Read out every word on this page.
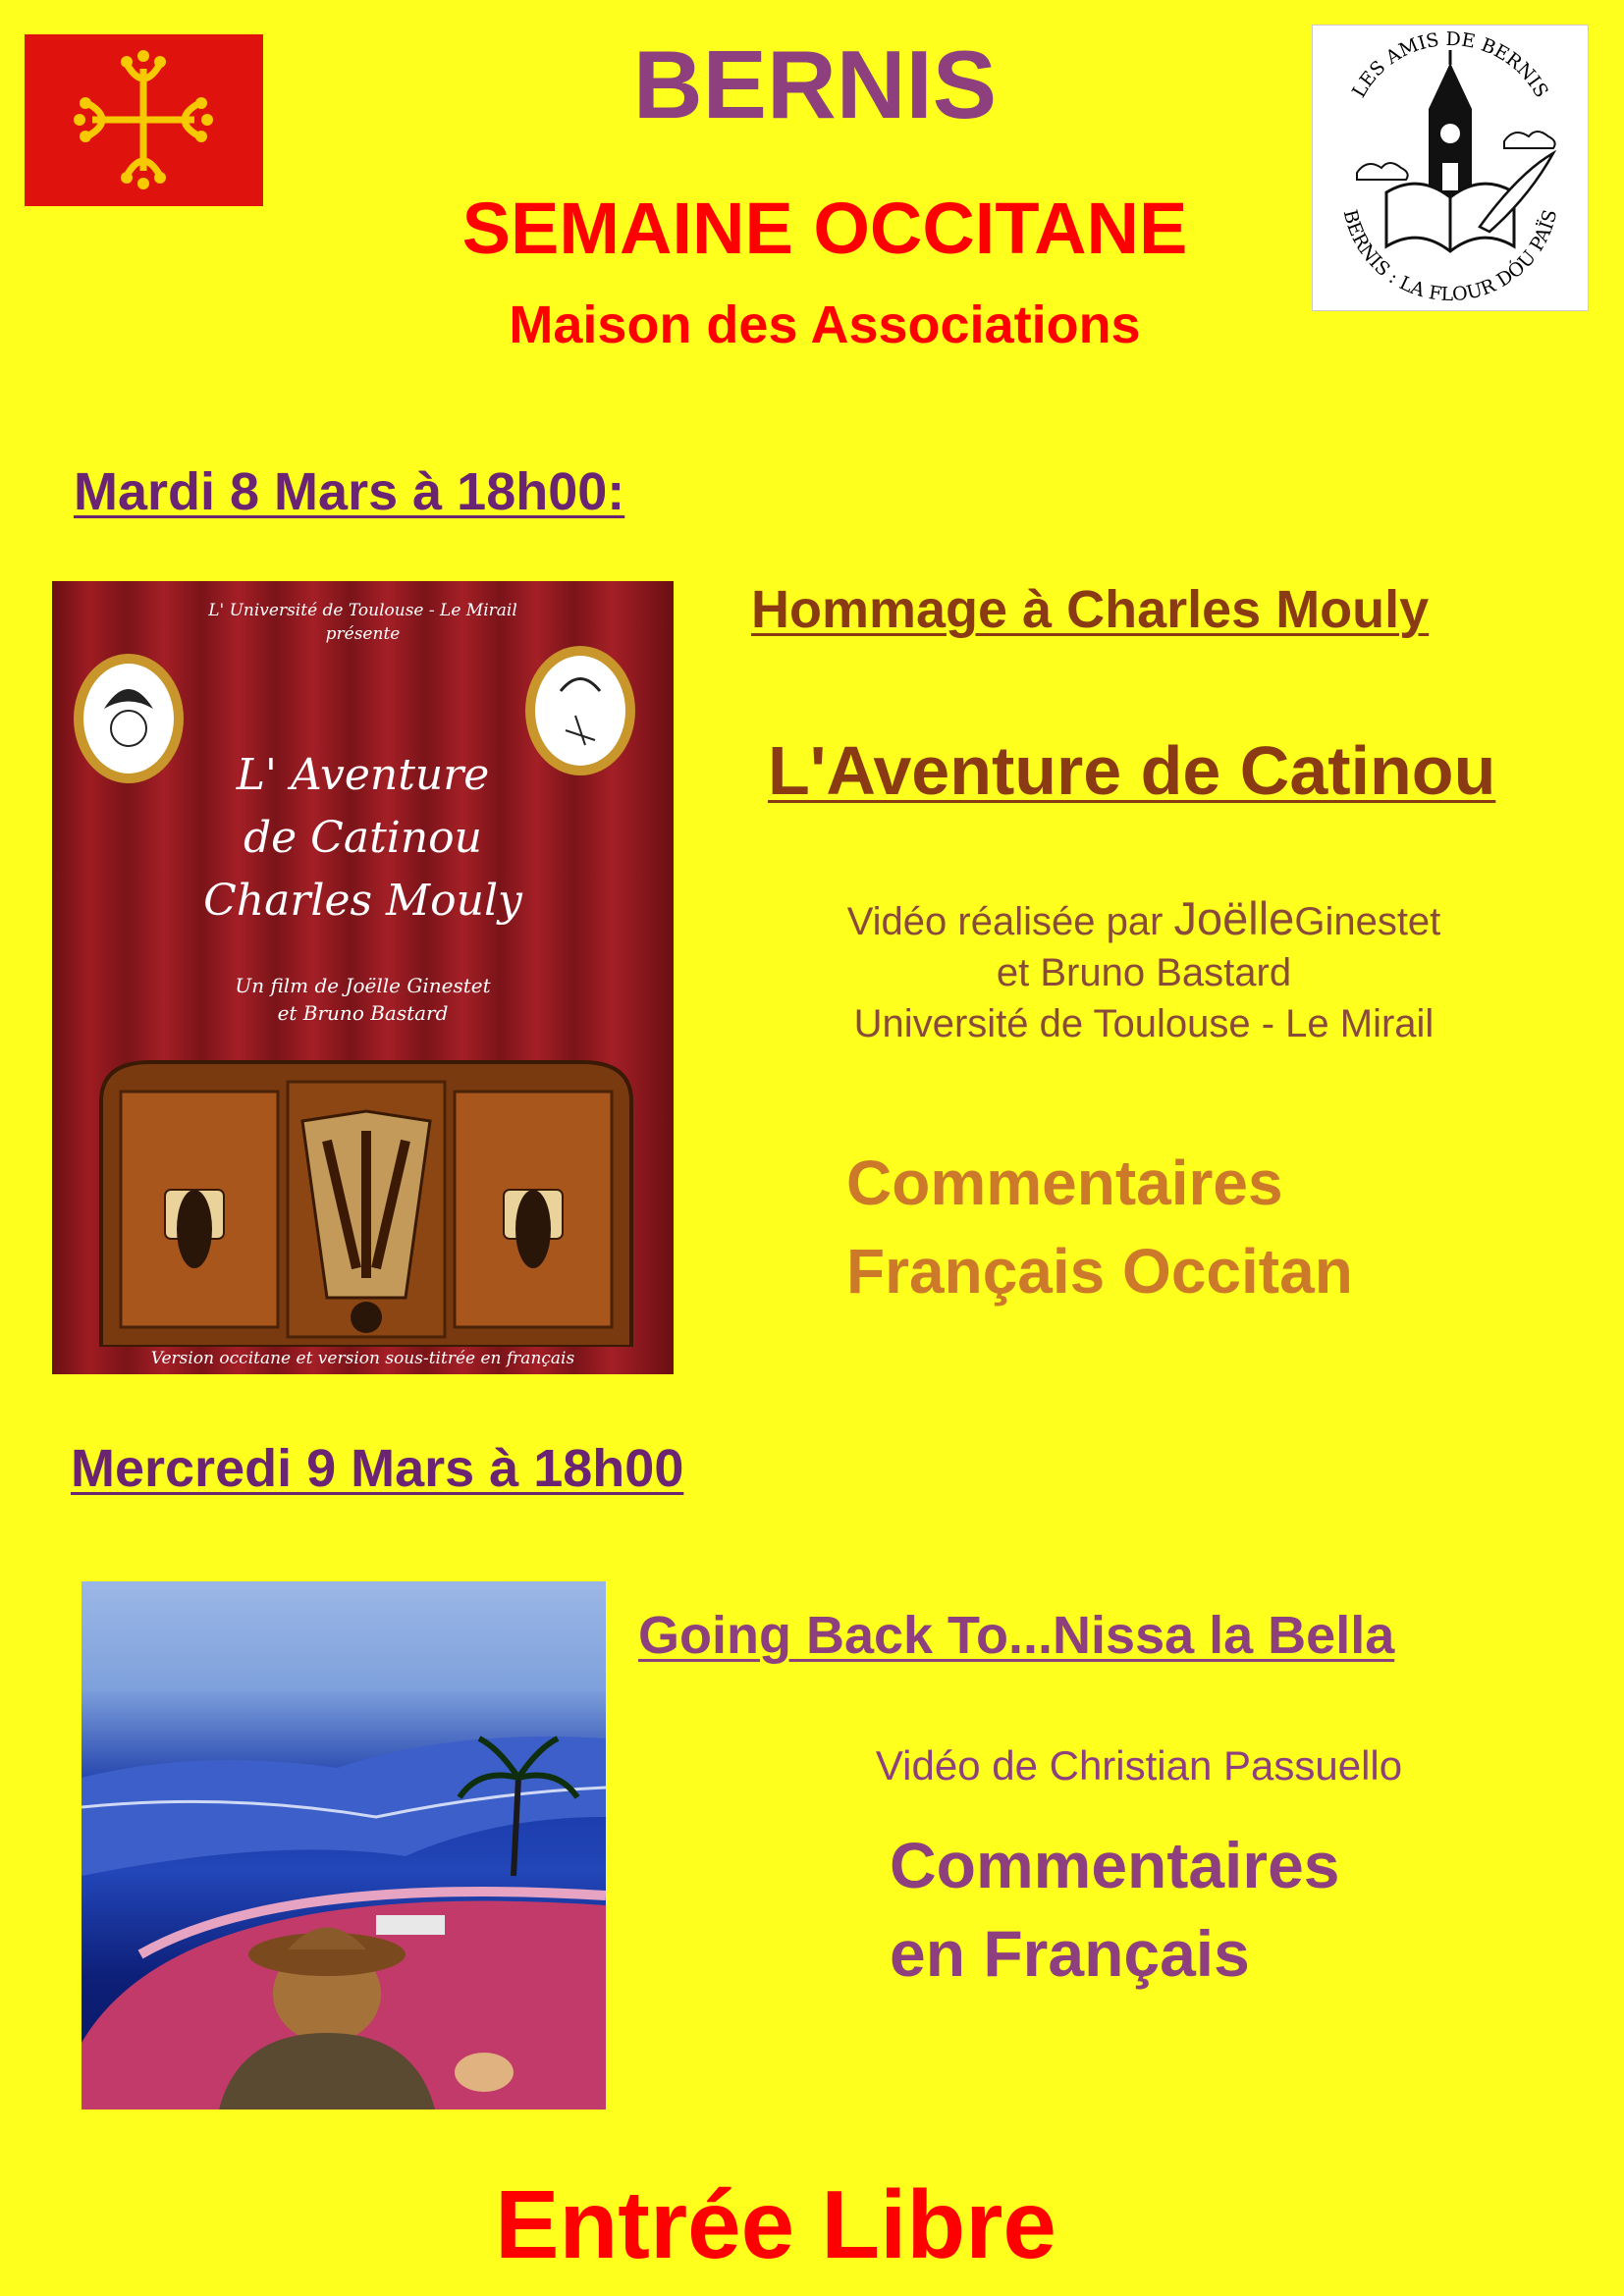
BERNIS
SEMAINE OCCITANE
Maison des Associations
LES AMIS DE BERNIS
BERNIS : LA FLOUR DÓU PAÏS
Mardi 8 Mars à 18h00:
L' Université de Toulouse - Le Mirail
présente
L' Aventure
de Catinou
Charles Mouly
Un film de Joëlle Ginestet
et Bruno Bastard
Version occitane et version sous-titrée en français
Hommage à Charles Mouly
L'Aventure de Catinou
Vidéo réalisée par JoëlleGinestet
et Bruno Bastard
Université de Toulouse - Le Mirail
Commentaires
Français Occitan
Mercredi 9 Mars à 18h00
Going Back To...Nissa la Bella
Vidéo de Christian Passuello
Commentaires
en Français
Entrée Libre
